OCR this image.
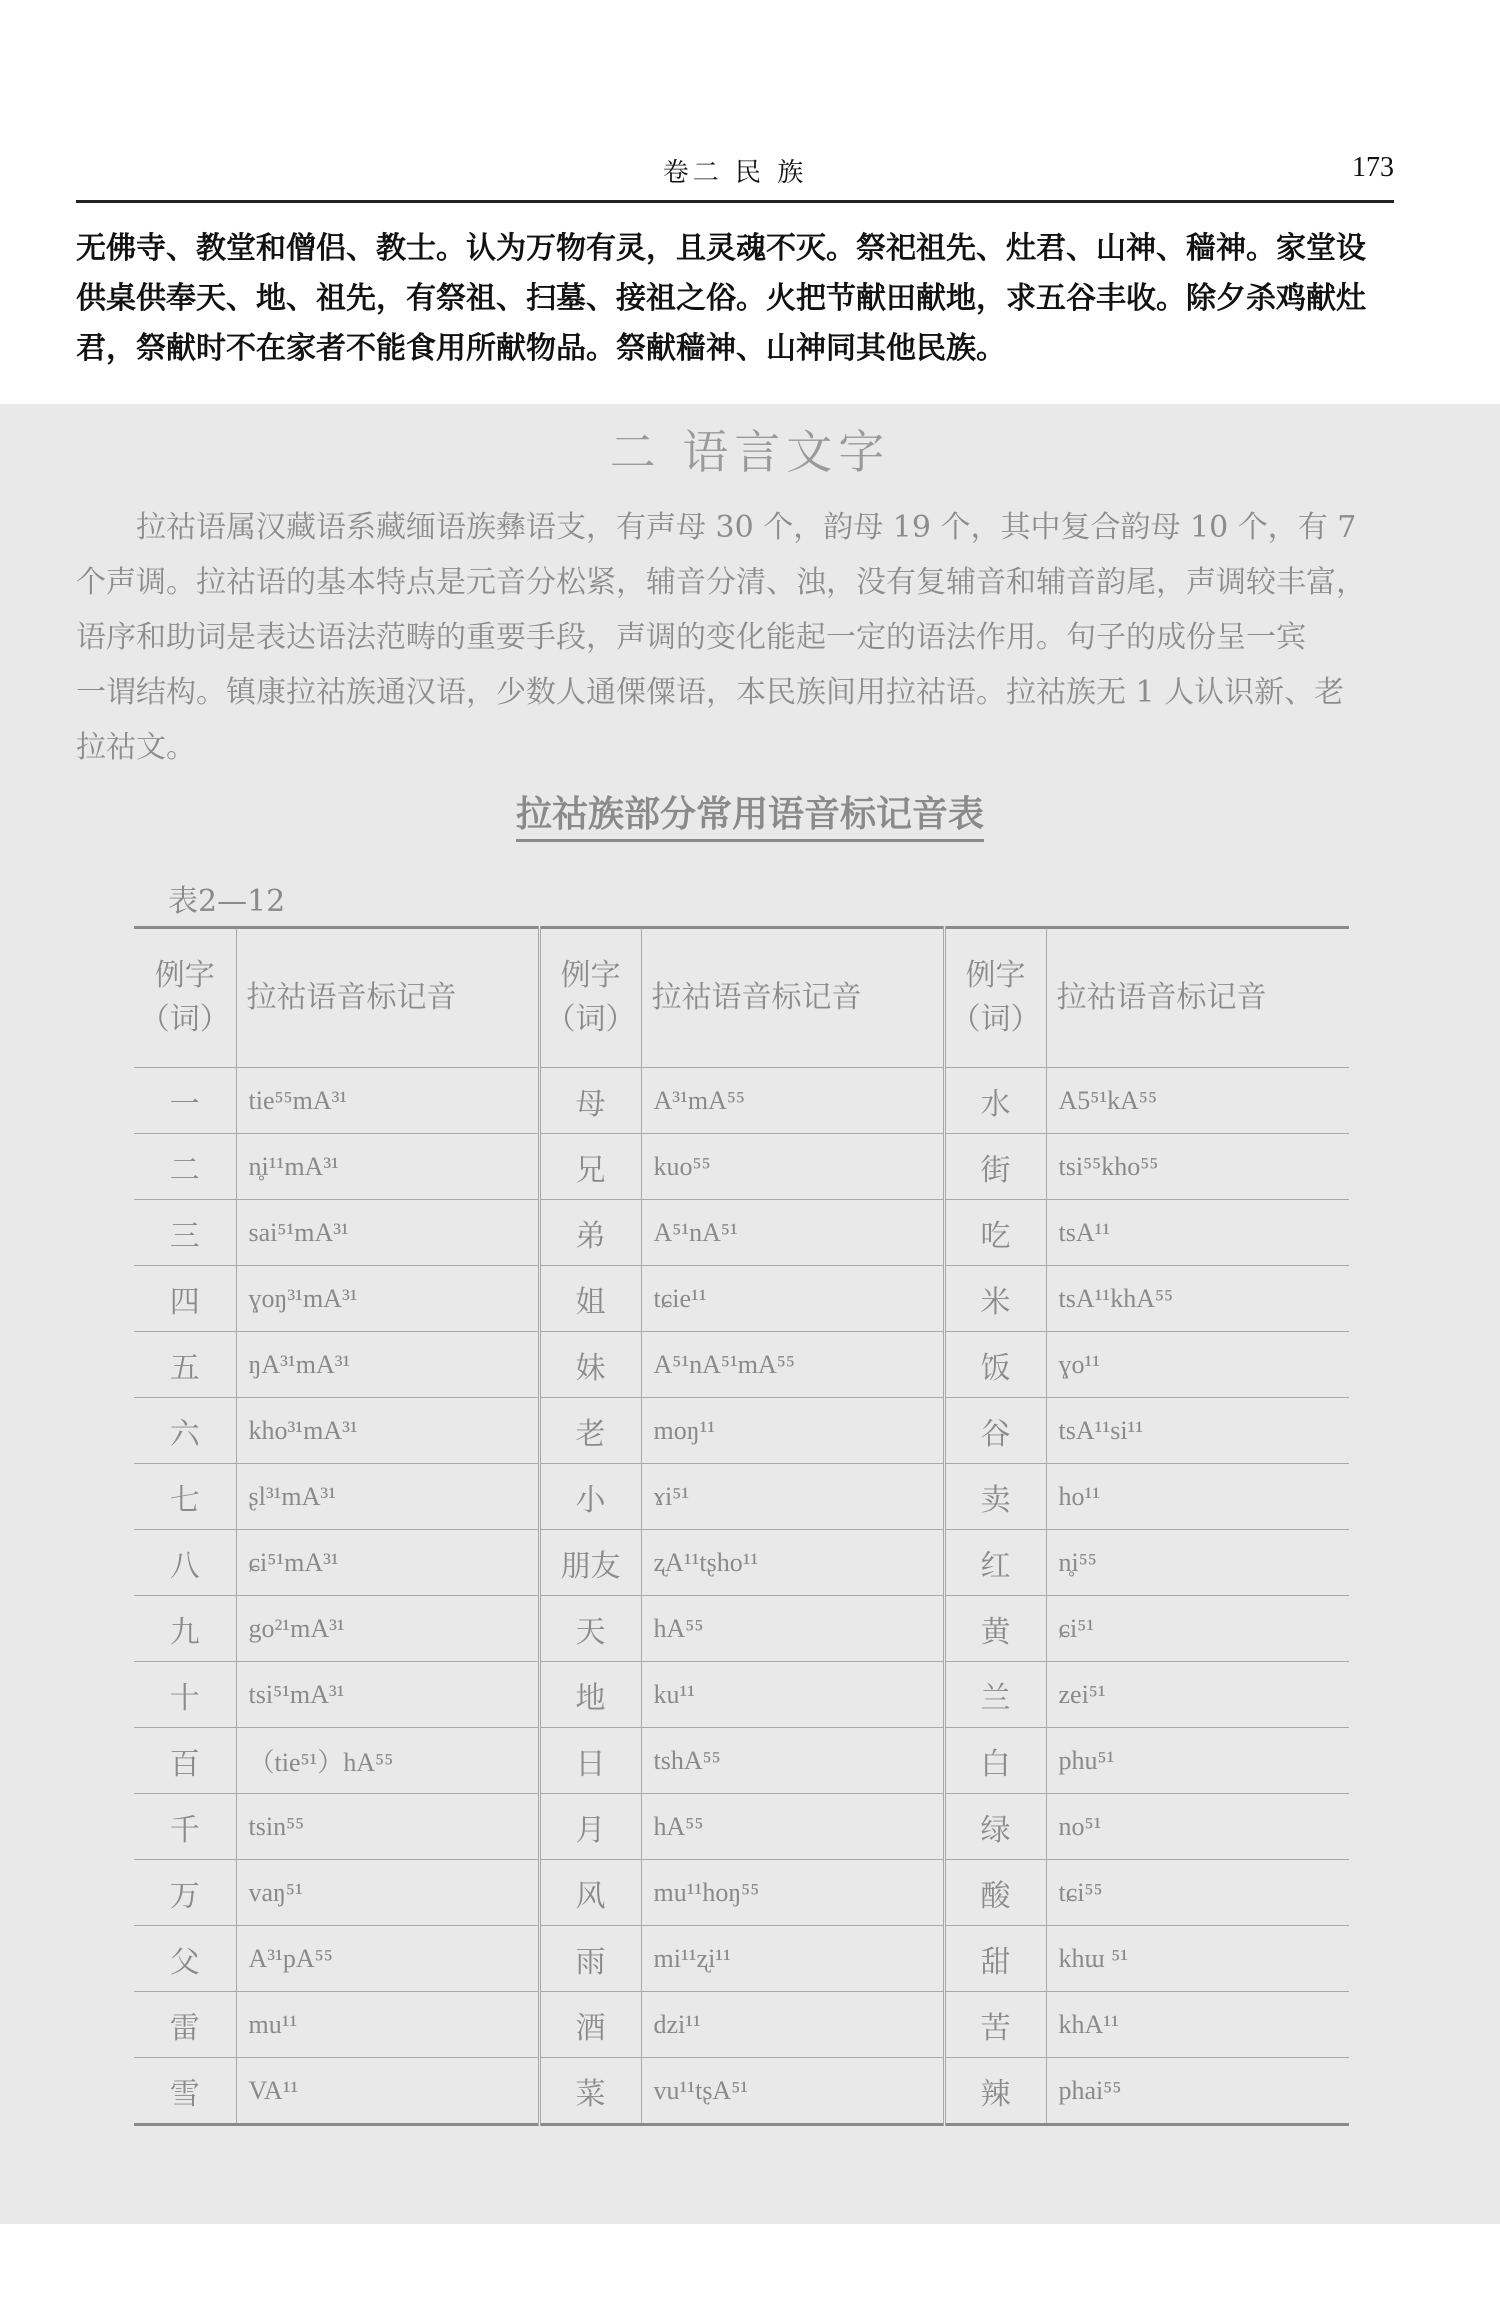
卷二 民 族	173

无佛寺、教堂和僧侣、教士。认为万物有灵，且灵魂不灭。祭祀祖先、灶君、山神、穑神。家堂设

供桌供奉天、地、祖先，有祭祖、扫墓、接祖之俗。火把节献田献地，求五谷丰收。除夕杀鸡献灶

君，祭献时不在家者不能食用所献物品。祭献穑神、山神同其他民族。

二 语言文字

拉祜语属汉藏语系藏缅语族彝语支，有声母 30 个，韵母 19 个，其中复合韵母 10 个，有 7

个声调。拉祜语的基本特点是元音分松紧，辅音分清、浊，没有复辅音和辅音韵尾，声调较丰富，

语序和助词是表达语法范畴的重要手段，声调的变化能起一定的语法作用。句子的成份呈一宾

一谓结构。镇康拉祜族通汉语，少数人通傈僳语，本民族间用拉祜语。拉祜族无 1 人认识新、老

拉祜文。

拉祜族部分常用语音标记音表
表2—12
例字
（词）	拉祜语音标记音	例字
（词）	拉祜语音标记音	例字
（词）	拉祜语音标记音
一	tie⁵⁵mA³¹	母	A³¹mA⁵⁵	水	A5⁵¹kA⁵⁵
二	n̥i¹¹mA³¹	兄	kuo⁵⁵	街	tsi⁵⁵kho⁵⁵
三	sai⁵¹mA³¹	弟	A⁵¹nA⁵¹	吃	tsA¹¹
四	ɣoŋ³¹mA³¹	姐	tɕie¹¹	米	tsA¹¹khA⁵⁵
五	ŋA³¹mA³¹	妹	A⁵¹nA⁵¹mA⁵⁵	饭	ɣo¹¹
六	kho³¹mA³¹	老	moŋ¹¹	谷	tsA¹¹si¹¹
七	ʂl³¹mA³¹	小	ɤi⁵¹	卖	ho¹¹
八	ɕi⁵¹mA³¹	朋友	ʐA¹¹tʂho¹¹	红	n̥i⁵⁵
九	go²¹mA³¹	天	hA⁵⁵	黄	ɕi⁵¹
十	tsi⁵¹mA³¹	地	ku¹¹	兰	zei⁵¹
百	（tie⁵¹）hA⁵⁵	日	tshA⁵⁵	白	phu⁵¹
千	tsin⁵⁵	月	hA⁵⁵	绿	no⁵¹
万	vaŋ⁵¹	风	mu¹¹hoŋ⁵⁵	酸	tɕi⁵⁵
父	A³¹pA⁵⁵	雨	mi¹¹ʐi¹¹	甜	khɯ ⁵¹
雷	mu¹¹	酒	dzi¹¹	苦	khA¹¹
雪	VA¹¹	菜	vu¹¹tʂA⁵¹	辣	phai⁵⁵
